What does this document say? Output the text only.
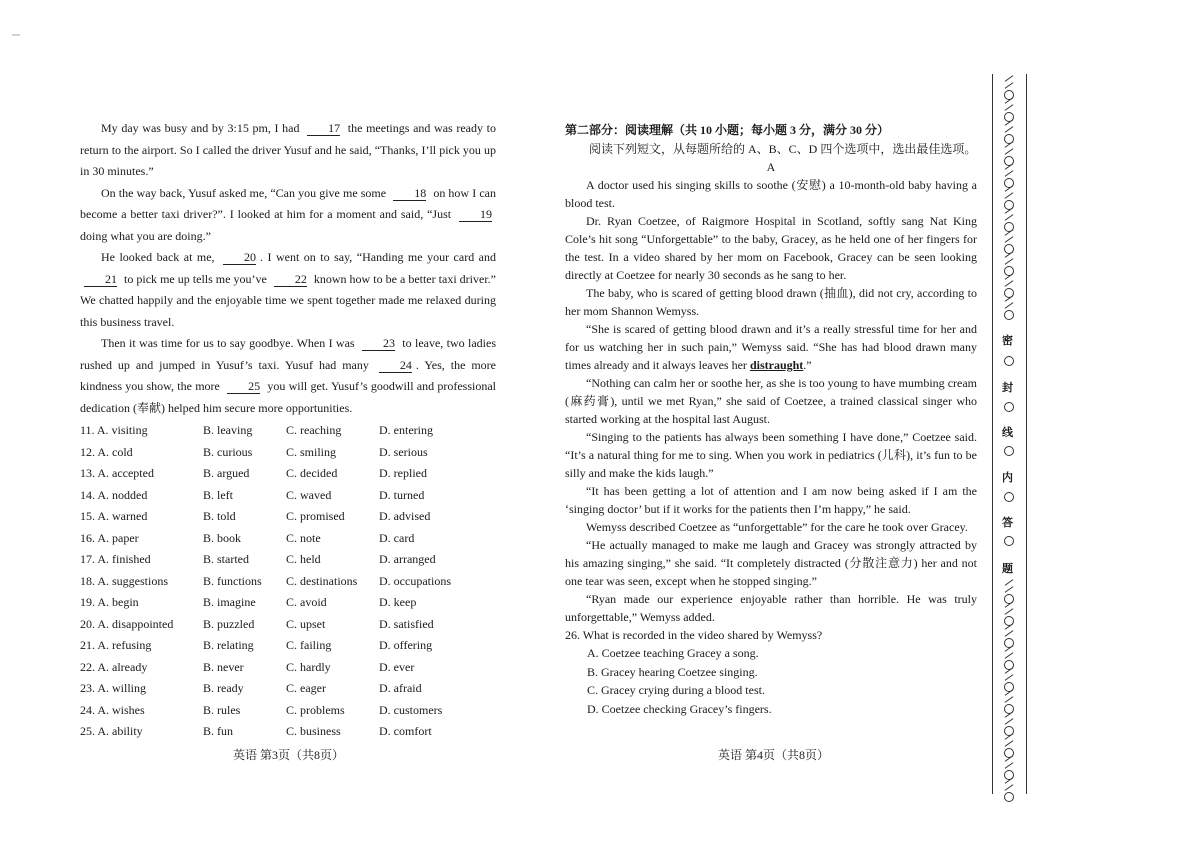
My day was busy and by 3:15 pm, I had 17 the meetings and was ready to return to the airport. So I called the driver Yusuf and he said, “Thanks, I’ll pick you up in 30 minutes.”

On the way back, Yusuf asked me, “Can you give me some 18 on how I can become a better taxi driver?”. I looked at him for a moment and said, “Just 19 doing what you are doing.”

He looked back at me, 20 . I went on to say, “Handing me your card and 21 to pick me up tells me you’ve 22 known how to be a better taxi driver.” We chatted happily and the enjoyable time we spent together made me relaxed during this business travel.

Then it was time for us to say goodbye. When I was 23 to leave, two ladies rushed up and jumped in Yusuf’s taxi. Yusuf had many 24 . Yes, the more kindness you show, the more 25 you will get. Yusuf’s goodwill and professional dedication (奉献) helped him secure more opportunities.

11. A. visiting	B. leaving	C. reaching	D. entering
12. A. cold	B. curious	C. smiling	D. serious
13. A. accepted	B. argued	C. decided	D. replied
14. A. nodded	B. left	C. waved	D. turned
15. A. warned	B. told	C. promised	D. advised
16. A. paper	B. book	C. note	D. card
17. A. finished	B. started	C. held	D. arranged
18. A. suggestions	B. functions	C. destinations	D. occupations
19. A. begin	B. imagine	C. avoid	D. keep
20. A. disappointed	B. puzzled	C. upset	D. satisfied
21. A. refusing	B. relating	C. failing	D. offering
22. A. already	B. never	C. hardly	D. ever
23. A. willing	B. ready	C. eager	D. afraid
24. A. wishes	B. rules	C. problems	D. customers
25. A. ability	B. fun	C. business	D. comfort
英语 第3页（共8页）
第二部分：阅读理解（共 10 小题；每小题 3 分，满分 30 分）
阅读下列短文，从每题所给的 A、B、C、D 四个选项中，选出最佳选项。
A

A doctor used his singing skills to soothe (安慰) a 10-month-old baby having a blood test.

Dr. Ryan Coetzee, of Raigmore Hospital in Scotland, softly sang Nat King Cole’s hit song “Unforgettable” to the baby, Gracey, as he held one of her fingers for the test. In a video shared by her mom on Facebook, Gracey can be seen looking directly at Coetzee for nearly 30 seconds as he sang to her.

The baby, who is scared of getting blood drawn (抽血), did not cry, according to her mom Shannon Wemyss.

“She is scared of getting blood drawn and it’s a really stressful time for her and for us watching her in such pain,” Wemyss said. “She has had blood drawn many times already and it always leaves her distraught.”

“Nothing can calm her or soothe her, as she is too young to have mumbing cream (麻药膏), until we met Ryan,” she said of Coetzee, a trained classical singer who started working at the hospital last August.

“Singing to the patients has always been something I have done,” Coetzee said. “It’s a natural thing for me to sing. When you work in pediatrics (儿科), it’s fun to be silly and make the kids laugh.”

“It has been getting a lot of attention and I am now being asked if I am the ‘singing doctor’ but if it works for the patients then I’m happy,” he said.

Wemyss described Coetzee as “unforgettable” for the care he took over Gracey.

“He actually managed to make me laugh and Gracey was strongly attracted by his amazing singing,” she said. “It completely distracted (分散注意力) her and not one tear was seen, except when he stopped singing.”

“Ryan made our experience enjoyable rather than horrible. He was truly unforgettable,” Wemyss added.

26. What is recorded in the video shared by Wemyss?
A. Coetzee teaching Gracey a song.
B. Gracey hearing Coetzee singing.
C. Gracey crying during a blood test.
D. Coetzee checking Gracey’s fingers.
英语 第4页（共8页）
密
封
线
内
答
题
